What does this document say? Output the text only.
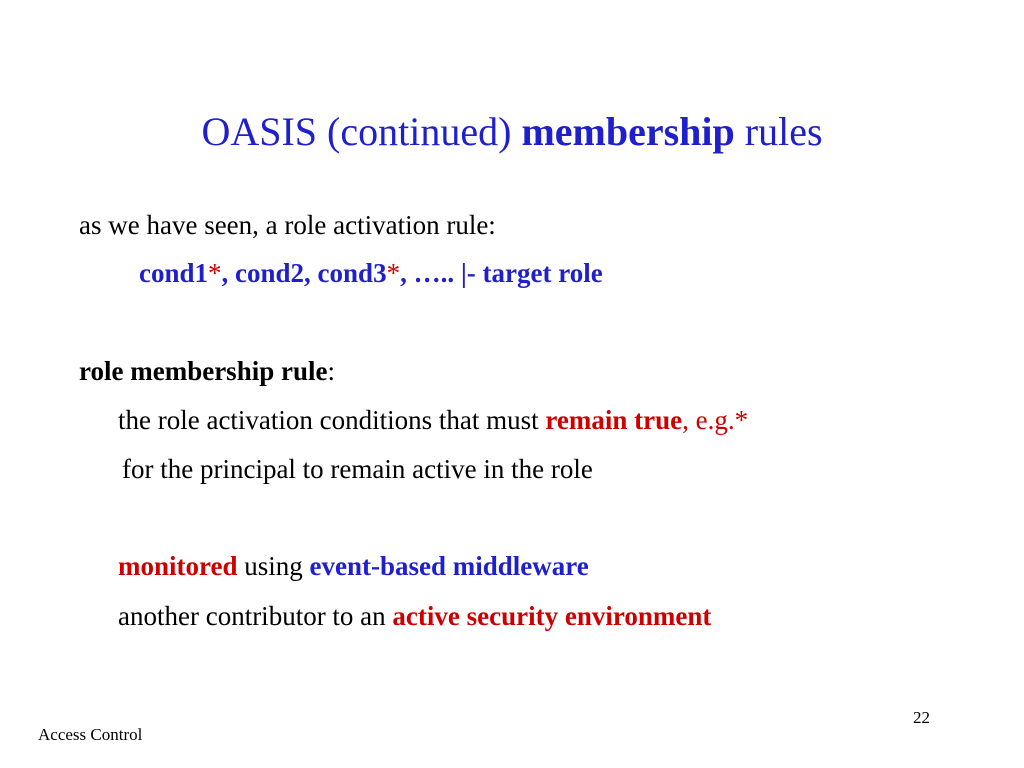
OASIS (continued) membership rules
as we have seen, a role activation rule:
cond1*, cond2, cond3*, ….. |- target role
role membership rule:
the role activation conditions that must remain true, e.g.*
for the principal to remain active in the role
monitored using event-based middleware
another contributor to an active security environment
22
Access Control
